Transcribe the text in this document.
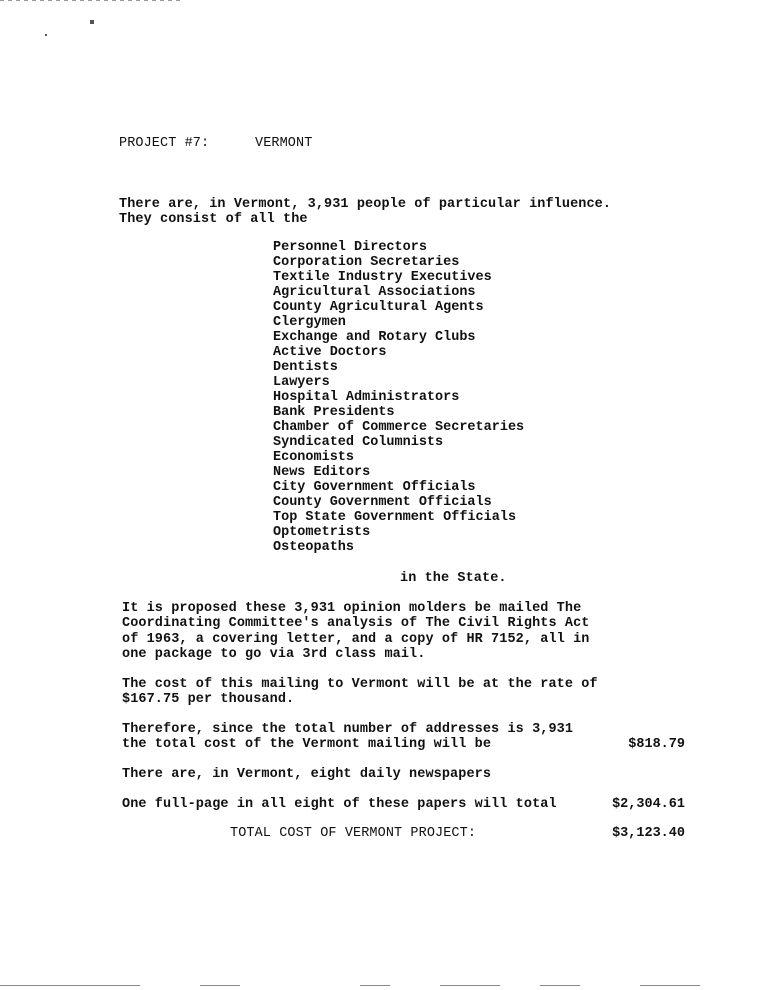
PROJECT #7:	VERMONT
There are, in Vermont, 3,931 people of particular influence.
They consist of all the
Personnel Directors
Corporation Secretaries
Textile Industry Executives
Agricultural Associations
County Agricultural Agents
Clergymen
Exchange and Rotary Clubs
Active Doctors
Dentists
Lawyers
Hospital Administrators
Bank Presidents
Chamber of Commerce Secretaries
Syndicated Columnists
Economists
News Editors
City Government Officials
County Government Officials
Top State Government Officials
Optometrists
Osteopaths
in the State.
It is proposed these 3,931 opinion molders be mailed The
Coordinating Committee's analysis of The Civil Rights Act
of 1963, a covering letter, and a copy of HR 7152, all in
one package to go via 3rd class mail.
The cost of this mailing to Vermont will be at the rate of
$167.75 per thousand.
Therefore, since the total number of addresses is 3,931
the total cost of the Vermont mailing will be	$818.79
There are, in Vermont, eight daily newspapers
One full-page in all eight of these papers will total	$2,304.61
TOTAL COST OF VERMONT PROJECT:	$3,123.40
